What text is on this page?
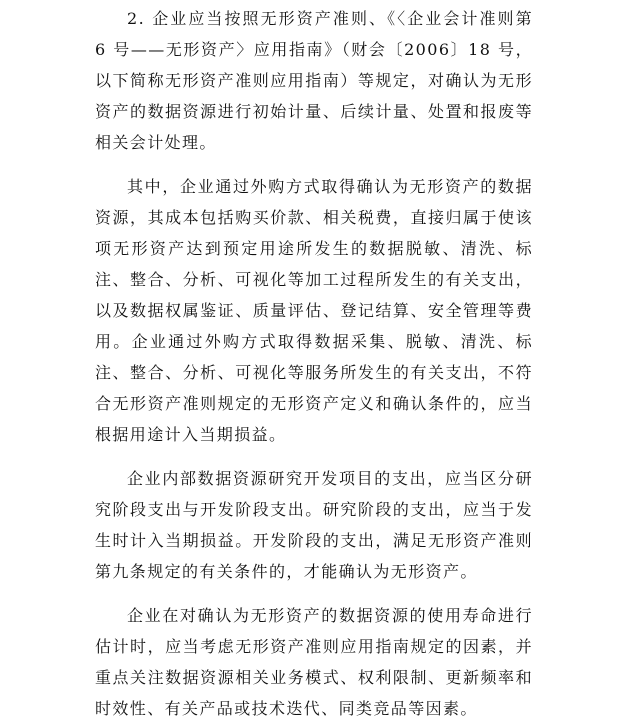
2. 企业应当按照无形资产准则、《〈企业会计准则第 6 号——无形资产〉应用指南》（财会〔2006〕18 号，以下简称无形资产准则应用指南）等规定，对确认为无形资产的数据资源进行初始计量、后续计量、处置和报废等相关会计处理。

其中，企业通过外购方式取得确认为无形资产的数据资源，其成本包括购买价款、相关税费，直接归属于使该项无形资产达到预定用途所发生的数据脱敏、清洗、标注、整合、分析、可视化等加工过程所发生的有关支出，以及数据权属鉴证、质量评估、登记结算、安全管理等费用。企业通过外购方式取得数据采集、脱敏、清洗、标注、整合、分析、可视化等服务所发生的有关支出，不符合无形资产准则规定的无形资产定义和确认条件的，应当根据用途计入当期损益。

企业内部数据资源研究开发项目的支出，应当区分研究阶段支出与开发阶段支出。研究阶段的支出，应当于发生时计入当期损益。开发阶段的支出，满足无形资产准则第九条规定的有关条件的，才能确认为无形资产。

企业在对确认为无形资产的数据资源的使用寿命进行估计时，应当考虑无形资产准则应用指南规定的因素，并重点关注数据资源相关业务模式、权利限制、更新频率和时效性、有关产品或技术迭代、同类竞品等因素。
